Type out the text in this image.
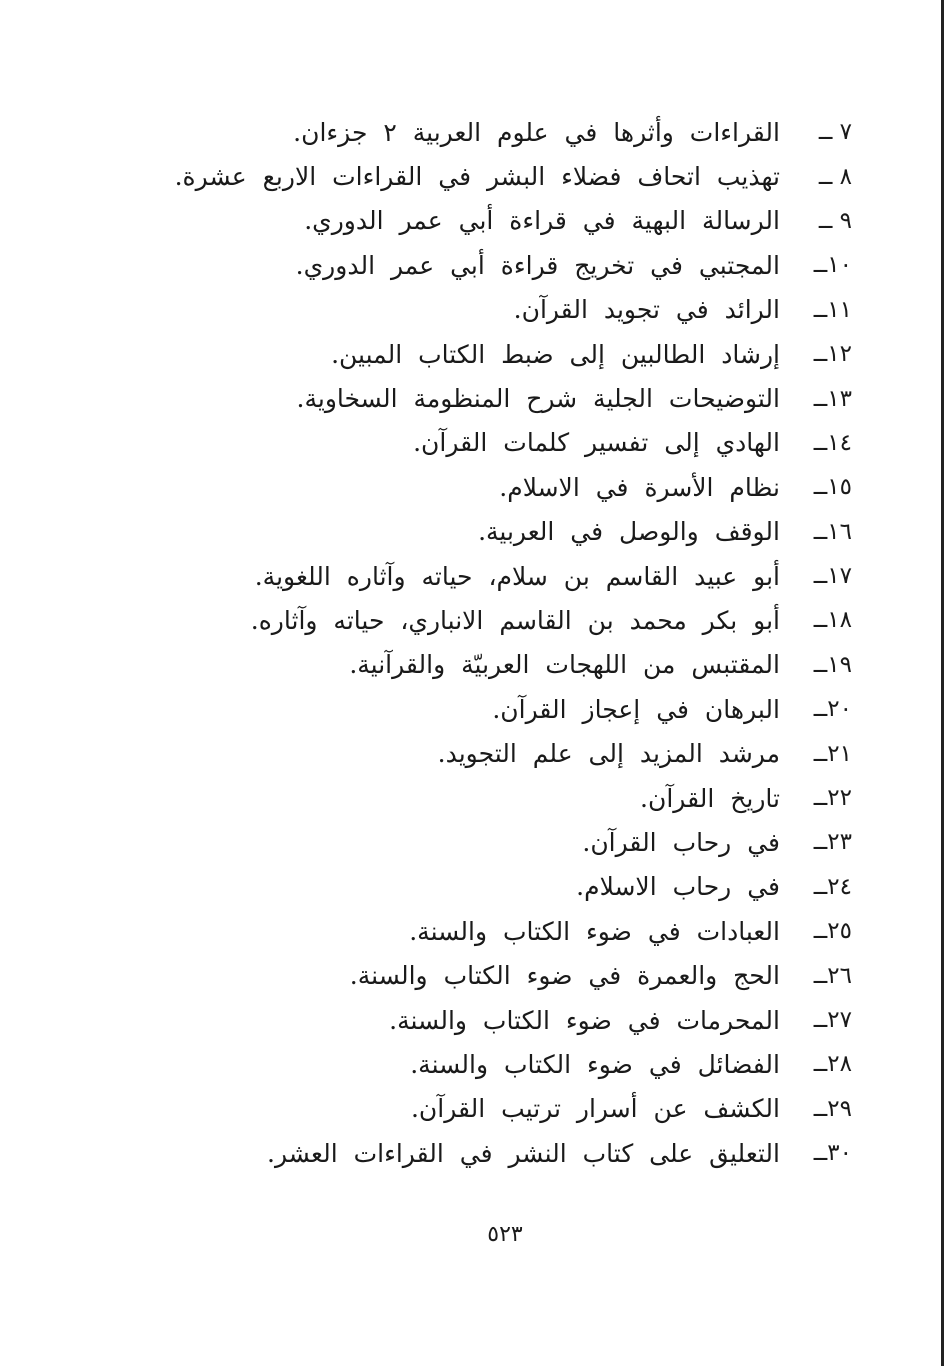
٧ ــ
القراءات وأثرها في علوم العربية ٢ جزءان.
٨ ــ
تهذيب اتحاف فضلاء البشر في القراءات الاربع عشرة.
٩ ــ
الرسالة البهية في قراءة أبي عمر الدوري.
١٠ــ
المجتبي في تخريج قراءة أبي عمر الدوري.
١١ــ
الرائد في تجويد القرآن.
١٢ــ
إرشاد الطالبين إلى ضبط الكتاب المبين.
١٣ــ
التوضيحات الجلية شرح المنظومة السخاوية.
١٤ــ
الهادي إلى تفسير كلمات القرآن.
١٥ــ
نظام الأسرة في الاسلام.
١٦ــ
الوقف والوصل في العربية.
١٧ــ
أبو عبيد القاسم بن سلام، حياته وآثاره اللغوية.
١٨ــ
أبو بكر محمد بن القاسم الانباري، حياته وآثاره.
١٩ــ
المقتبس من اللهجات العربيّة والقرآنية.
٢٠ــ
البرهان في إعجاز القرآن.
٢١ــ
مرشد المزيد إلى علم التجويد.
٢٢ــ
تاريخ القرآن.
٢٣ــ
في رحاب القرآن.
٢٤ــ
في رحاب الاسلام.
٢٥ــ
العبادات في ضوء الكتاب والسنة.
٢٦ــ
الحج والعمرة في ضوء الكتاب والسنة.
٢٧ــ
المحرمات في ضوء الكتاب والسنة.
٢٨ــ
الفضائل في ضوء الكتاب والسنة.
٢٩ــ
الكشف عن أسرار ترتيب القرآن.
٣٠ــ
التعليق على كتاب النشر في القراءات العشر.
٥٢٣
